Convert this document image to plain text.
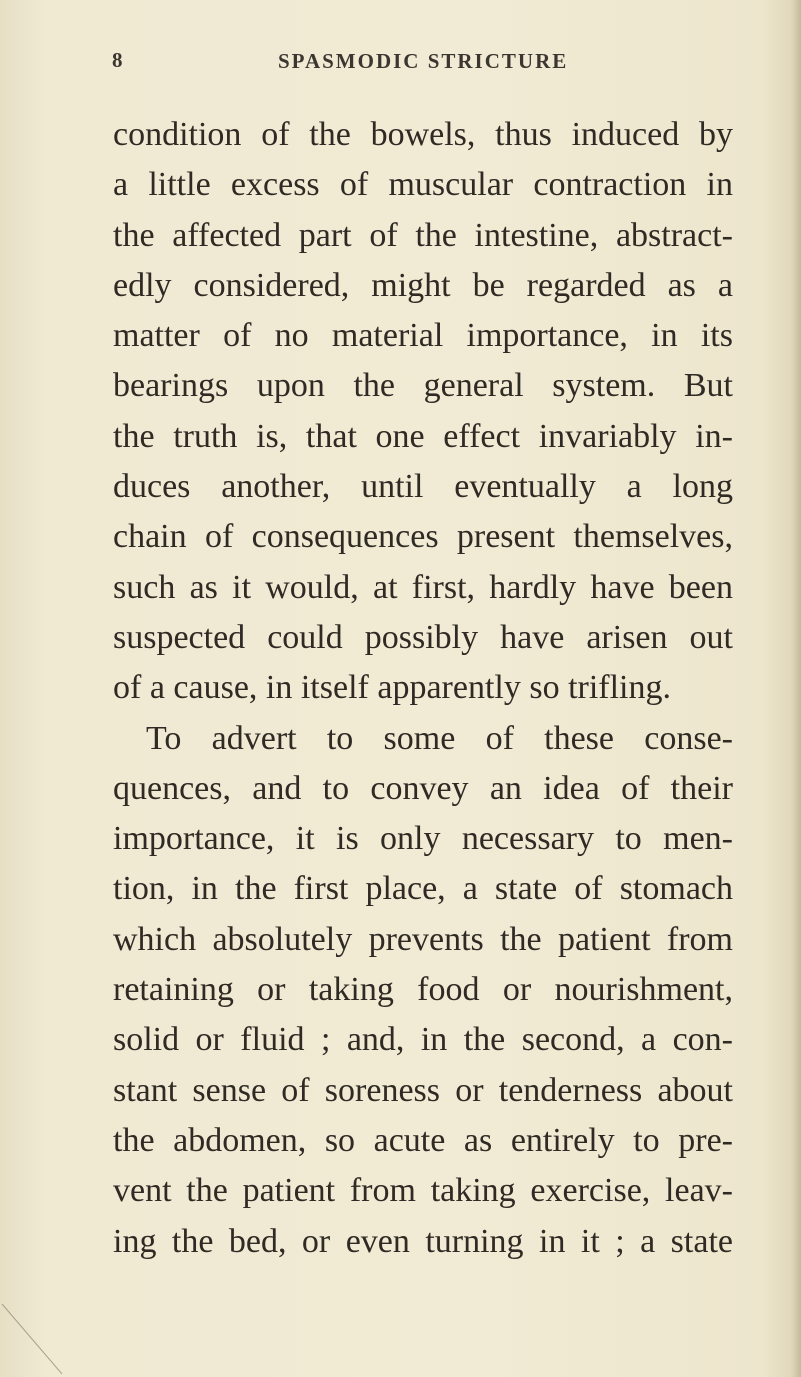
8	SPASMODIC STRICTURE
condition of the bowels, thus induced by
a little excess of muscular contraction in
the affected part of the intestine, abstract-
edly considered, might be regarded as a
matter of no material importance, in its
bearings upon the general system. But
the truth is, that one effect invariably in-
duces another, until eventually a long
chain of consequences present themselves,
such as it would, at first, hardly have been
suspected could possibly have arisen out
of a cause, in itself apparently so trifling.
To advert to some of these conse-
quences, and to convey an idea of their
importance, it is only necessary to men-
tion, in the first place, a state of stomach
which absolutely prevents the patient from
retaining or taking food or nourishment,
solid or fluid ; and, in the second, a con-
stant sense of soreness or tenderness about
the abdomen, so acute as entirely to pre-
vent the patient from taking exercise, leav-
ing the bed, or even turning in it ; a state
